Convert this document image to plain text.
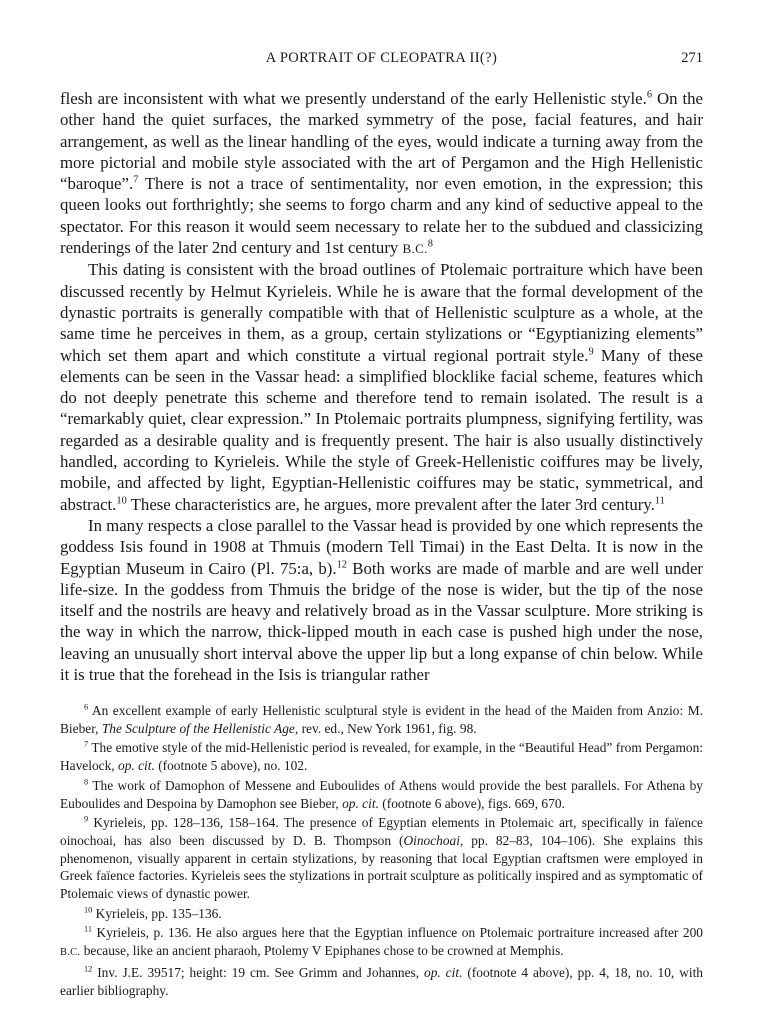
A PORTRAIT OF CLEOPATRA II(?)	271

flesh are inconsistent with what we presently understand of the early Hellenistic style.$^6$ On the other hand the quiet surfaces, the marked symmetry of the pose, facial features, and hair arrangement, as well as the linear handling of the eyes, would indicate a turning away from the more pictorial and mobile style associated with the art of Pergamon and the High Hellenistic “baroque”.$^7$ There is not a trace of sentimentality, nor even emotion, in the expression; this queen looks out forthrightly; she seems to forgo charm and any kind of seductive appeal to the spectator. For this reason it would seem necessary to relate her to the subdued and classicizing renderings of the later 2nd century and 1st century B.C.$^8$

This dating is consistent with the broad outlines of Ptolemaic portraiture which have been discussed recently by Helmut Kyrieleis. While he is aware that the formal development of the dynastic portraits is generally compatible with that of Hellenistic sculpture as a whole, at the same time he perceives in them, as a group, certain stylizations or “Egyptianizing elements” which set them apart and which constitute a virtual regional portrait style.$^9$ Many of these elements can be seen in the Vassar head: a simplified blocklike facial scheme, features which do not deeply penetrate this scheme and therefore tend to remain isolated. The result is a “remarkably quiet, clear expression.” In Ptolemaic portraits plumpness, signifying fertility, was regarded as a desirable quality and is frequently present. The hair is also usually distinctively handled, according to Kyrieleis. While the style of Greek-Hellenistic coiffures may be lively, mobile, and affected by light, Egyptian-Hellenistic coiffures may be static, symmetrical, and abstract.$^{10}$ These characteristics are, he argues, more prevalent after the later 3rd century.$^{11}$

In many respects a close parallel to the Vassar head is provided by one which represents the goddess Isis found in 1908 at Thmuis (modern Tell Timai) in the East Delta. It is now in the Egyptian Museum in Cairo (Pl. 75:a, b).$^{12}$ Both works are made of marble and are well under life-size. In the goddess from Thmuis the bridge of the nose is wider, but the tip of the nose itself and the nostrils are heavy and relatively broad as in the Vassar sculpture. More striking is the way in which the narrow, thick-lipped mouth in each case is pushed high under the nose, leaving an unusually short interval above the upper lip but a long expanse of chin below. While it is true that the forehead in the Isis is triangular rather

$^6$ An excellent example of early Hellenistic sculptural style is evident in the head of the Maiden from Anzio: M. Bieber, The Sculpture of the Hellenistic Age, rev. ed., New York 1961, fig. 98.

$^7$ The emotive style of the mid-Hellenistic period is revealed, for example, in the “Beautiful Head” from Pergamon: Havelock, op. cit. (footnote 5 above), no. 102.

$^8$ The work of Damophon of Messene and Euboulides of Athens would provide the best parallels. For Athena by Euboulides and Despoina by Damophon see Bieber, op. cit. (footnote 6 above), figs. 669, 670.

$^9$ Kyrieleis, pp. 128–136, 158–164. The presence of Egyptian elements in Ptolemaic art, specifically in faïence oinochoai, has also been discussed by D. B. Thompson (Oinochoai, pp. 82–83, 104–106). She explains this phenomenon, visually apparent in certain stylizations, by reasoning that local Egyptian craftsmen were employed in Greek faïence factories. Kyrieleis sees the stylizations in portrait sculpture as politically inspired and as symptomatic of Ptolemaic views of dynastic power.

$^{10}$ Kyrieleis, pp. 135–136.

$^{11}$ Kyrieleis, p. 136. He also argues here that the Egyptian influence on Ptolemaic portraiture increased after 200 B.C. because, like an ancient pharaoh, Ptolemy V Epiphanes chose to be crowned at Memphis.

$^{12}$ Inv. J.E. 39517; height: 19 cm. See Grimm and Johannes, op. cit. (footnote 4 above), pp. 4, 18, no. 10, with earlier bibliography.
